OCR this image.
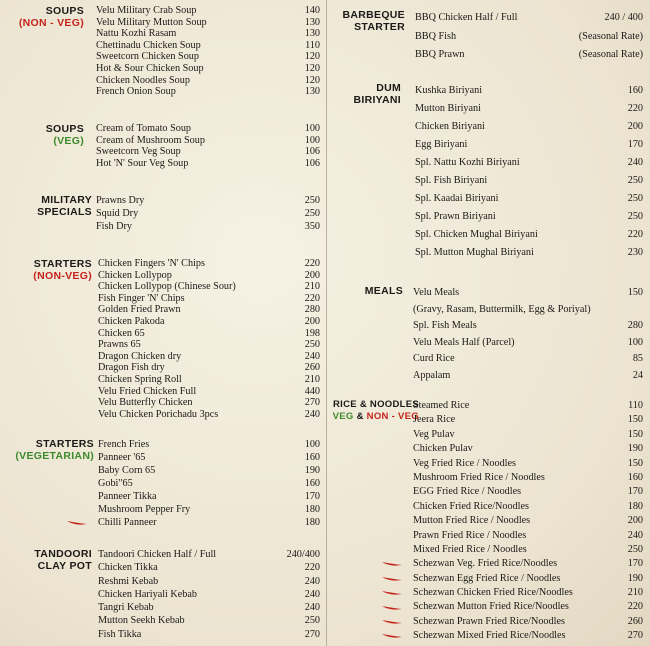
SOUPS
(NON - VEG)
Velu Military Crab Soup	140
Velu Military Mutton Soup	130
Nattu Kozhi Rasam	130
Chettinadu Chicken Soup	110
Sweetcorn Chicken Soup	120
Hot & Sour Chicken Soup	120
Chicken Noodles Soup	120
French Onion Soup	130
SOUPS
(VEG)
Cream of Tomato Soup	100
Cream of Mushroom Soup	100
Sweetcorn Veg Soup	106
Hot 'N' Sour Veg Soup	106
MILITARY
SPECIALS
Prawns Dry	250
Squid Dry	250
Fish Dry	350
STARTERS
(NON-VEG)
Chicken Fingers 'N' Chips	220
Chicken Lollypop	200
Chicken Lollypop (Chinese Sour)	210
Fish Finger 'N' Chips	220
Golden Fried Prawn	280
Chicken Pakoda	200
Chicken 65	198
Prawns 65	250
Dragon Chicken dry	240
Dragon Fish dry	260
Chicken Spring Roll	210
Velu Fried Chicken Full	440
Velu Butterfly Chicken	270
Velu Chicken Porichadu 3pcs	240
STARTERS
(VEGETARIAN)
French Fries	100
Panneer '65	160
Baby Corn 65	190
Gobi"65	160
Panneer Tikka	170
Mushroom Pepper Fry	180
Chilli Panneer	180
TANDOORI
CLAY POT
Tandoori Chicken Half / Full	240/400
Chicken Tikka	220
Reshmi Kebab	240
Chicken Hariyali Kebab	240
Tangri Kebab	240
Mutton Seekh Kebab	250
Fish Tikka	270
BARBEQUE
STARTER
BBQ Chicken Half / Full	240 / 400
BBQ Fish	(Seasonal Rate)
BBQ Prawn	(Seasonal Rate)
DUM
BIRIYANI
Kushka Biriyani	160
Mutton Biriyani	220
Chicken Biriyani	200
Egg Biriyani	170
Spl. Nattu Kozhi Biriyani	240
Spl. Fish Biriyani	250
Spl. Kaadai Biriyani	250
Spl. Prawn Biriyani	250
Spl. Chicken Mughal Biriyani	220
Spl. Mutton Mughal Biriyani	230
MEALS Velu Meals	150
(Gravy, Rasam, Buttermilk, Egg & Poriyal)
Spl. Fish Meals	280
Velu Meals Half (Parcel)	100
Curd Rice	85
Appalam	24
RICE & NOODLES
VEG & NON - VEG
Steamed Rice	110
Jeera Rice	150
Veg Pulav	150
Chicken Pulav	190
Veg Fried Rice / Noodles	150
Mushroom Fried Rice / Noodles	160
EGG Fried Rice / Noodles	170
Chicken Fried Rice/Noodles	180
Mutton Fried Rice / Noodles	200
Prawn Fried Rice / Noodles	240
Mixed Fried Rice / Noodles	250
Schezwan Veg. Fried Rice/Noodles	170
Schezwan Egg Fried Rice / Noodles	190
Schezwan Chicken Fried Rice/Noodles	210
Schezwan Mutton Fried Rice/Noodles	220
Schezwan Prawn Fried Rice/Noodles	260
Schezwan Mixed Fried Rice/Noodles	270
